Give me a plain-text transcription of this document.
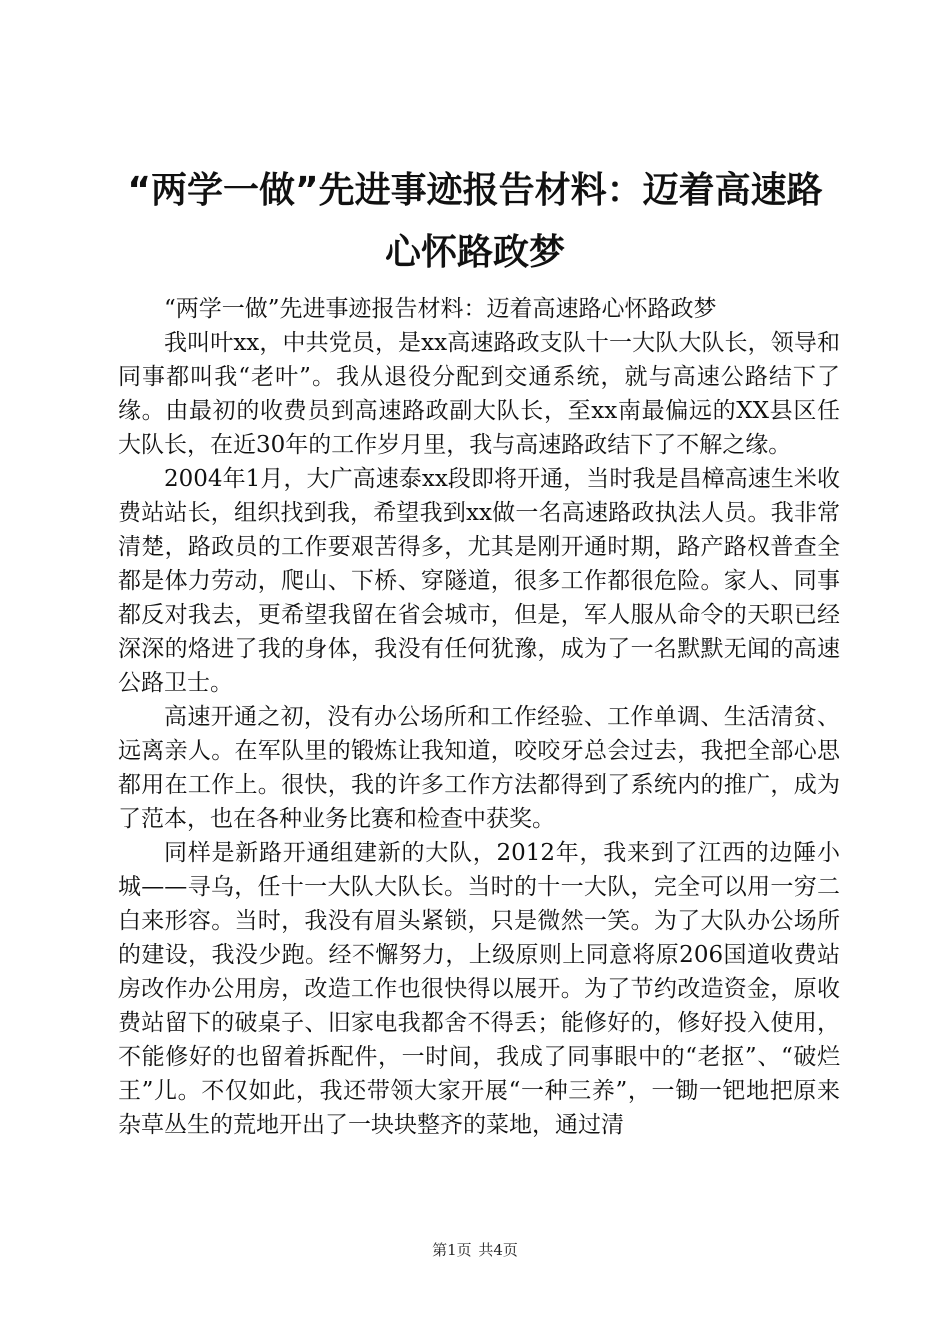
“两学一做”先进事迹报告材料：迈着高速路
心怀路政梦

“两学一做”先进事迹报告材料：迈着高速路心怀路政梦

我叫叶xx，中共党员，是xx高速路政支队十一大队大队长，领导和同事都叫我“老叶”。我从退役分配到交通系统，就与高速公路结下了缘。由最初的收费员到高速路政副大队长，至xx南最偏远的XX县区任大队长，在近30年的工作岁月里，我与高速路政结下了不解之缘。

2004年1月，大广高速泰xx段即将开通，当时我是昌樟高速生米收费站站长，组织找到我，希望我到xx做一名高速路政执法人员。我非常清楚，路政员的工作要艰苦得多，尤其是刚开通时期，路产路权普查全都是体力劳动，爬山、下桥、穿隧道，很多工作都很危险。家人、同事都反对我去，更希望我留在省会城市，但是，军人服从命令的天职已经深深的烙进了我的身体，我没有任何犹豫，成为了一名默默无闻的高速公路卫士。

高速开通之初，没有办公场所和工作经验、工作单调、生活清贫、远离亲人。在军队里的锻炼让我知道，咬咬牙总会过去，我把全部心思都用在工作上。很快，我的许多工作方法都得到了系统内的推广，成为了范本，也在各种业务比赛和检查中获奖。

同样是新路开通组建新的大队，2012年，我来到了江西的边陲小城——寻乌，任十一大队大队长。当时的十一大队，完全可以用一穷二白来形容。当时，我没有眉头紧锁，只是微然一笑。为了大队办公场所的建设，我没少跑。经不懈努力，上级原则上同意将原206国道收费站房改作办公用房，改造工作也很快得以展开。为了节约改造资金，原收费站留下的破桌子、旧家电我都舍不得丢；能修好的，修好投入使用，不能修好的也留着拆配件，一时间，我成了同事眼中的“老抠”、“破烂王”儿。不仅如此，我还带领大家开展“一种三养”，一锄一钯地把原来杂草丛生的荒地开出了一块块整齐的菜地，通过清

第1页 共4页
